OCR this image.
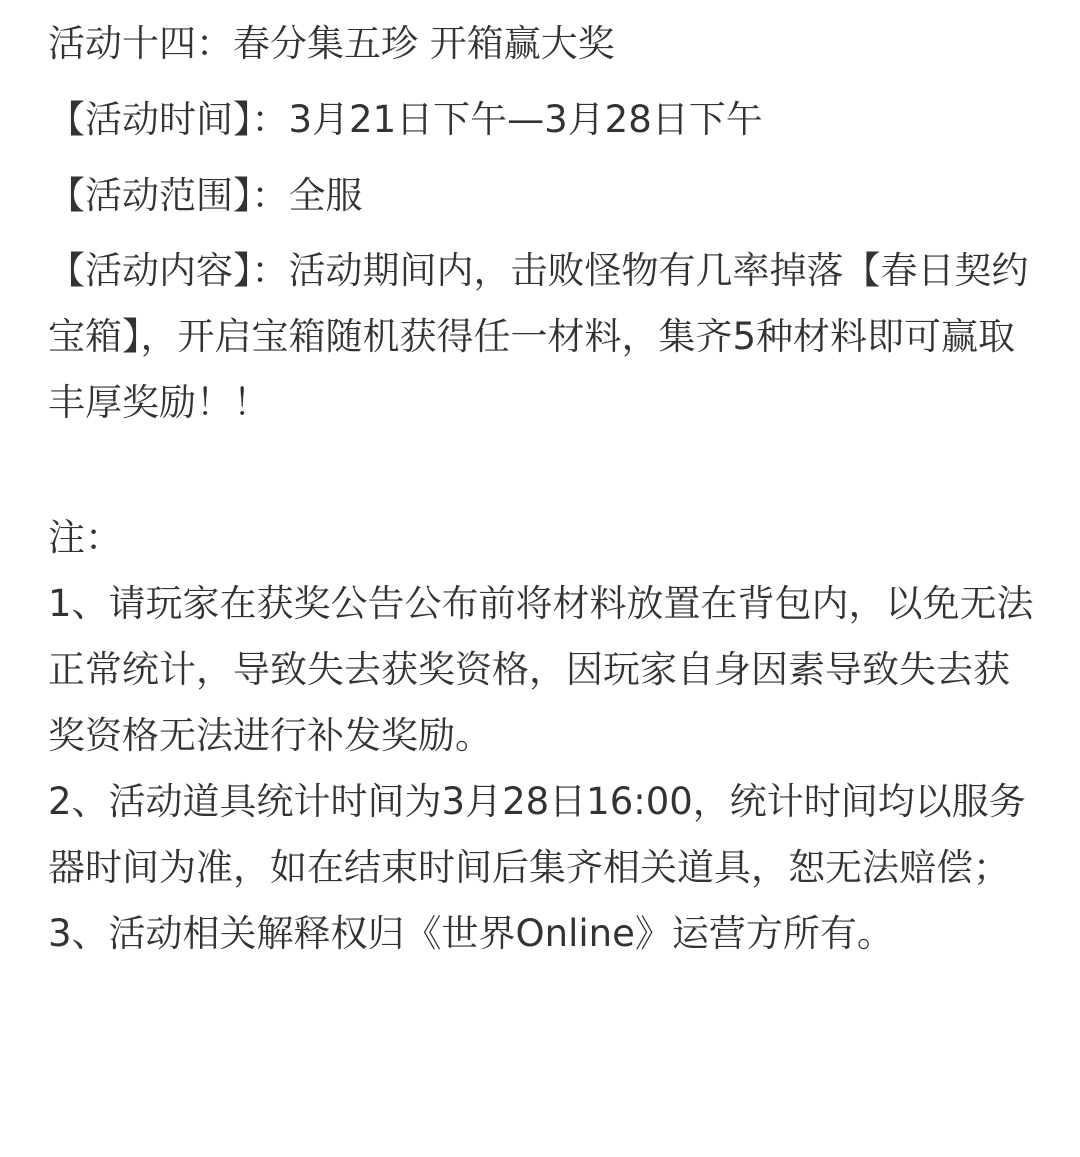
活动十四：春分集五珍 开箱赢大奖

【活动时间】：3月21日下午—3月28日下午

【活动范围】：全服

【活动内容】：活动期间内，击败怪物有几率掉落【春日契约宝箱】，开启宝箱随机获得任一材料，集齐5种材料即可赢取丰厚奖励！！

注：

1、请玩家在获奖公告公布前将材料放置在背包内，以免无法正常统计，导致失去获奖资格，因玩家自身因素导致失去获奖资格无法进行补发奖励。

2、活动道具统计时间为3月28日16:00，统计时间均以服务器时间为准，如在结束时间后集齐相关道具，恕无法赔偿；

3、活动相关解释权归《世界Online》运营方所有。
